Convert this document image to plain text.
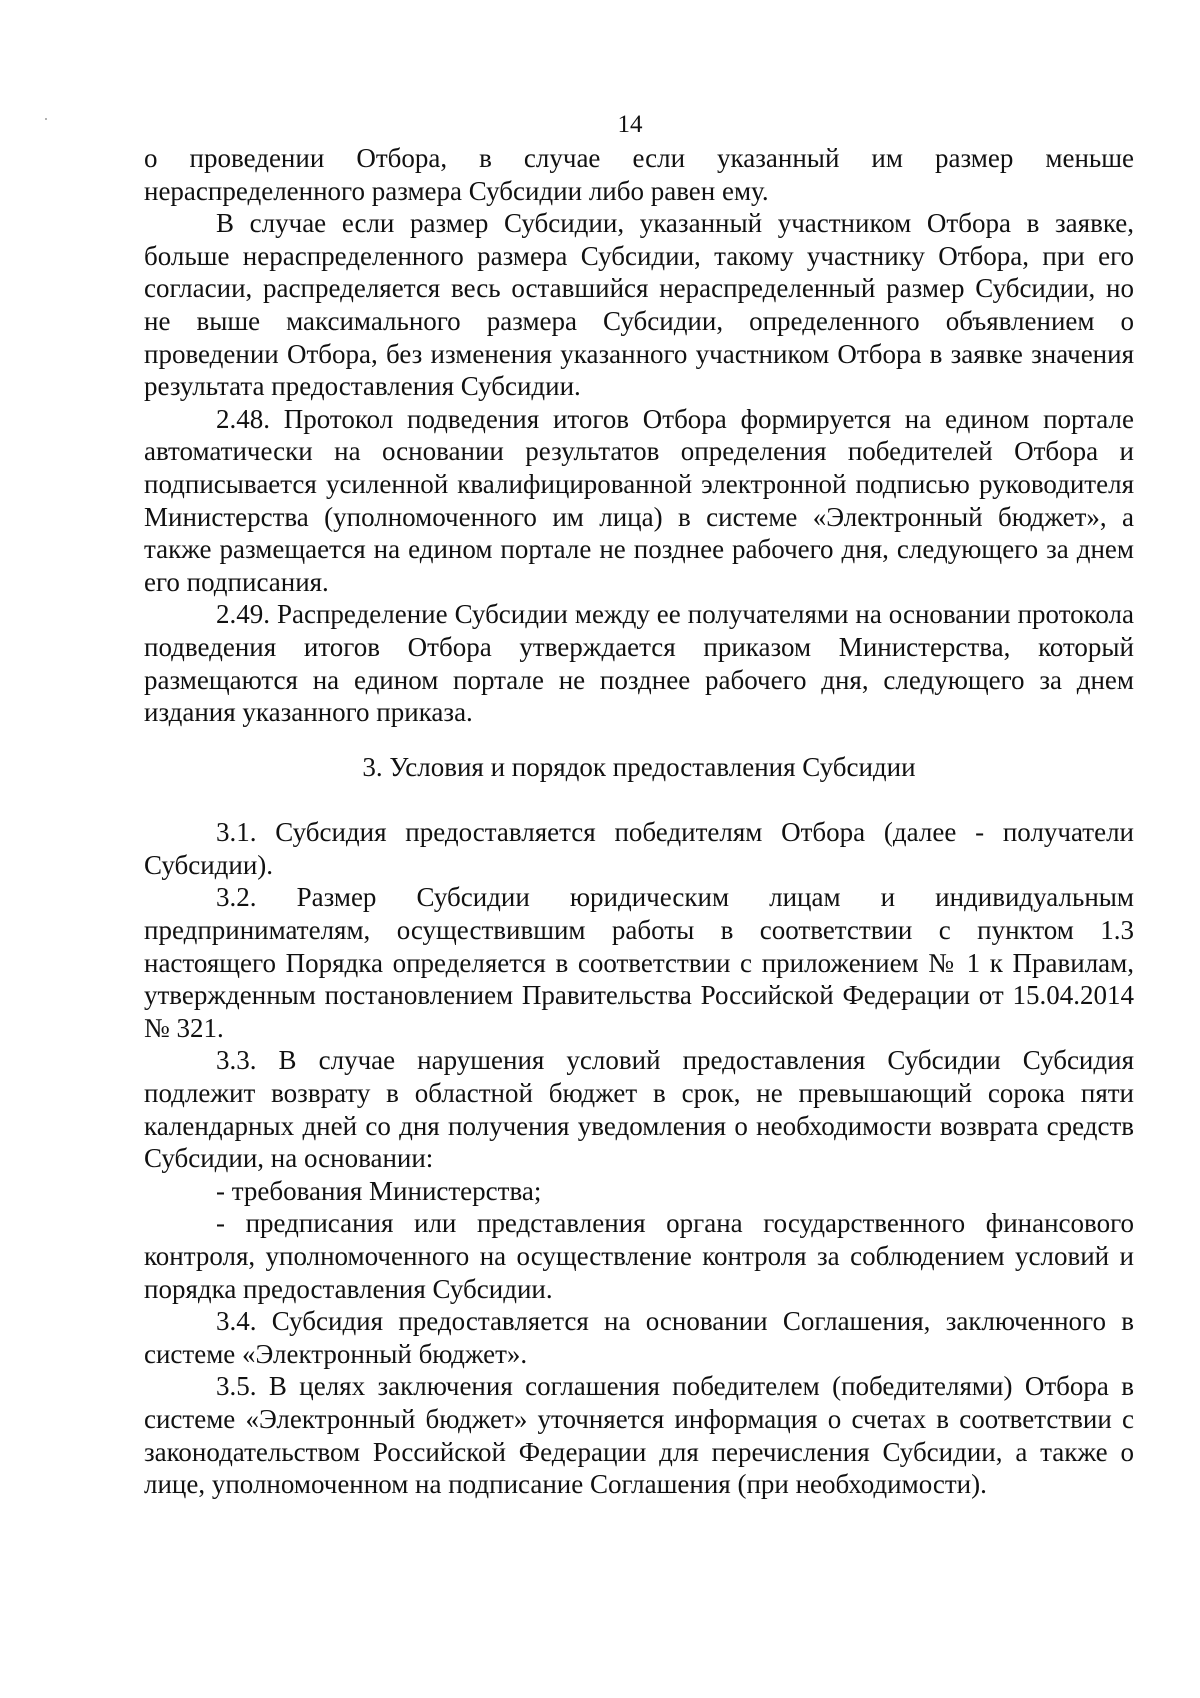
14

о проведении Отбора, в случае если указанный им размер меньше нераспределенного размера Субсидии либо равен ему.

В случае если размер Субсидии, указанный участником Отбора в заявке, больше нераспределенного размера Субсидии, такому участнику Отбора, при его согласии, распределяется весь оставшийся нераспределенный размер Субсидии, но не выше максимального размера Субсидии, определенного объявлением о проведении Отбора, без изменения указанного участником Отбора в заявке значения результата предоставления Субсидии.

2.48. Протокол подведения итогов Отбора формируется на едином портале автоматически на основании результатов определения победителей Отбора и подписывается усиленной квалифицированной электронной подписью руководителя Министерства (уполномоченного им лица) в системе «Электронный бюджет», а также размещается на едином портале не позднее рабочего дня, следующего за днем его подписания.

2.49. Распределение Субсидии между ее получателями на основании протокола подведения итогов Отбора утверждается приказом Министерства, который размещаются на едином портале не позднее рабочего дня, следующего за днем издания указанного приказа.

3. Условия и порядок предоставления Субсидии

3.1. Субсидия предоставляется победителям Отбора (далее - получатели Субсидии).

3.2. Размер Субсидии юридическим лицам и индивидуальным предпринимателям, осуществившим работы в соответствии с пунктом 1.3 настоящего Порядка определяется в соответствии с приложением № 1 к Правилам, утвержденным постановлением Правительства Российской Федерации от 15.04.2014 № 321.

3.3. В случае нарушения условий предоставления Субсидии Субсидия подлежит возврату в областной бюджет в срок, не превышающий сорока пяти календарных дней со дня получения уведомления о необходимости возврата средств Субсидии, на основании:

- требования Министерства;

- предписания или представления органа государственного финансового контроля, уполномоченного на осуществление контроля за соблюдением условий и порядка предоставления Субсидии.

3.4. Субсидия предоставляется на основании Соглашения, заключенного в системе «Электронный бюджет».

3.5. В целях заключения соглашения победителем (победителями) Отбора в системе «Электронный бюджет» уточняется информация о счетах в соответствии с законодательством Российской Федерации для перечисления Субсидии, а также о лице, уполномоченном на подписание Соглашения (при необходимости).
